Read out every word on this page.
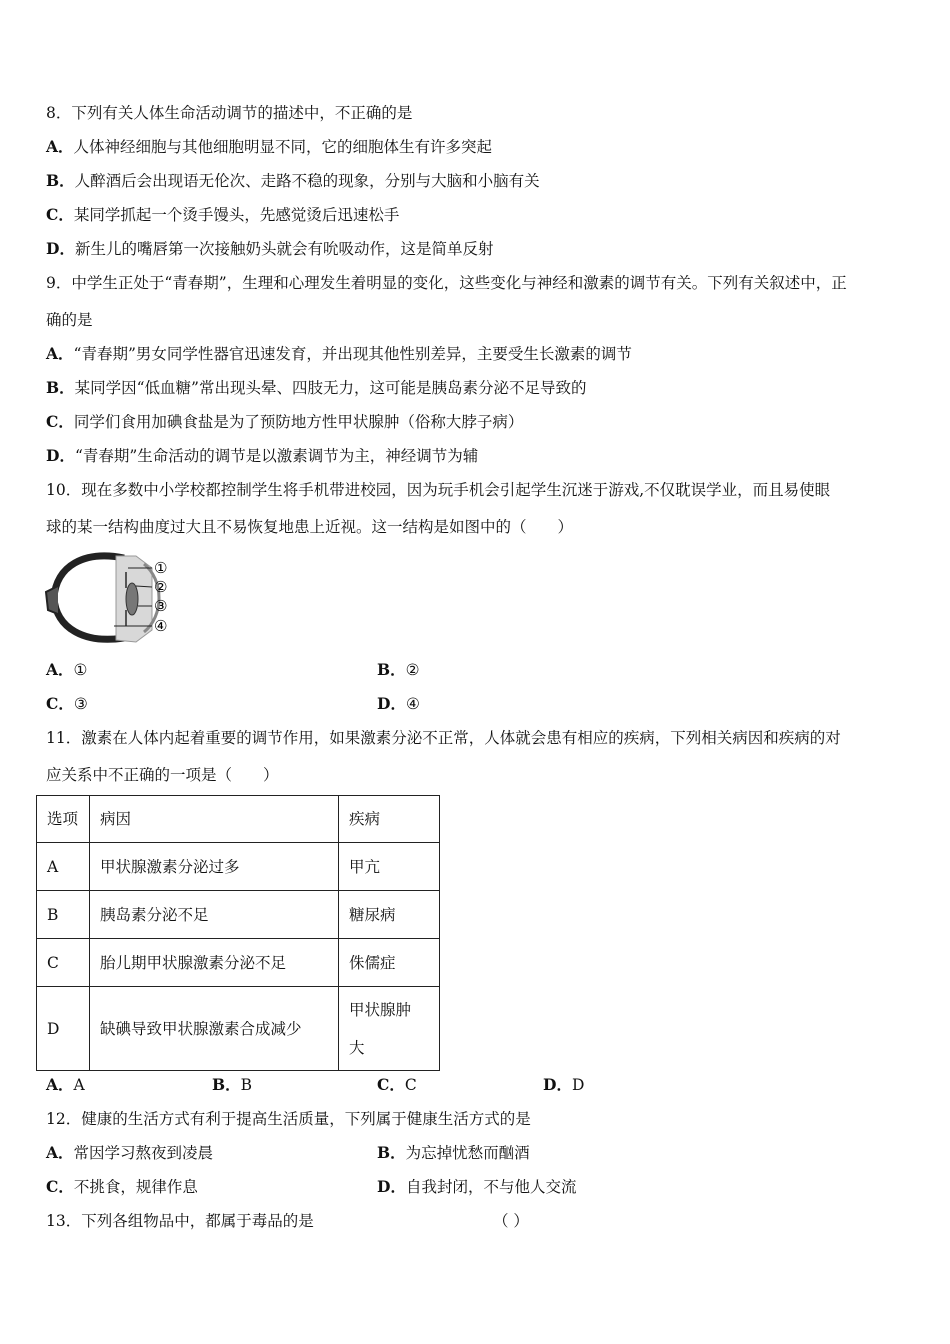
8．下列有关人体生命活动调节的描述中，不正确的是
A．人体神经细胞与其他细胞明显不同，它的细胞体生有许多突起
B．人醉酒后会出现语无伦次、走路不稳的现象，分别与大脑和小脑有关
C．某同学抓起一个烫手馒头，先感觉烫后迅速松手
D．新生儿的嘴唇第一次接触奶头就会有吮吸动作，这是简单反射
9．中学生正处于“青春期”，生理和心理发生着明显的变化，这些变化与神经和激素的调节有关。下列有关叙述中，正
确的是
A．“青春期”男女同学性器官迅速发育，并出现其他性别差异，主要受生长激素的调节
B．某同学因“低血糖”常出现头晕、四肢无力，这可能是胰岛素分泌不足导致的
C．同学们食用加碘食盐是为了预防地方性甲状腺肿（俗称大脖子病）
D．“青春期”生命活动的调节是以激素调节为主，神经调节为辅
10．现在多数中小学校都控制学生将手机带进校园，因为玩手机会引起学生沉迷于游戏,不仅耽误学业，而且易使眼
球的某一结构曲度过大且不易恢复地患上近视。这一结构是如图中的（　　）
①
②
③
④
A．①	B．②
C．③	D．④
11．激素在人体内起着重要的调节作用，如果激素分泌不正常，人体就会患有相应的疾病，下列相关病因和疾病的对
应关系中不正确的一项是（　　）
选项	病因	疾病
A	甲状腺激素分泌过多	甲亢
B	胰岛素分泌不足	糖尿病
C	胎儿期甲状腺激素分泌不足	侏儒症
D	缺碘导致甲状腺激素合成减少	甲状腺肿
大
A．A	B．B	C．C	D．D
12．健康的生活方式有利于提高生活质量，下列属于健康生活方式的是
A．常因学习熬夜到凌晨	B．为忘掉忧愁而酗酒
C．不挑食，规律作息	D．自我封闭，不与他人交流
13．下列各组物品中，都属于毒品的是	（ ）
